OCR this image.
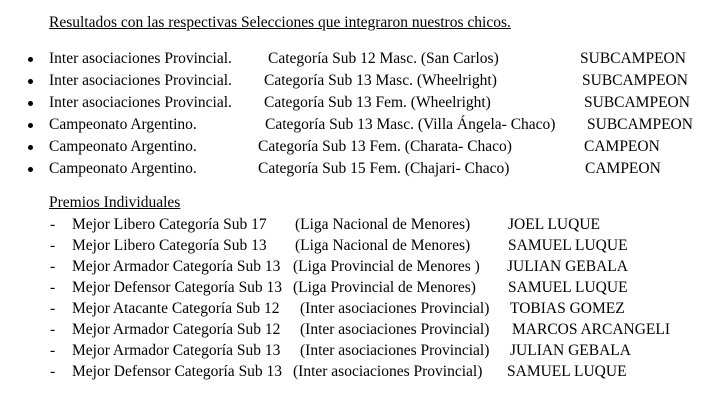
Resultados con las respectivas Selecciones que integraron nuestros chicos.
Inter asociaciones Provincial. Categoría Sub 12 Masc. (San Carlos)	SUBCAMPEON
Inter asociaciones Provincial. Categoría Sub 13 Masc. (Wheelright)	SUBCAMPEON
Inter asociaciones Provincial. Categoría Sub 13 Fem. (Wheelright)	SUBCAMPEON
Campeonato Argentino.	Categoría Sub 13 Masc. (Villa Ángela- Chaco) SUBCAMPEON
Campeonato Argentino.	Categoría Sub 13 Fem. (Charata- Chaco)	CAMPEON
Campeonato Argentino.	Categoría Sub 15 Fem. (Chajari- Chaco)	CAMPEON
Premios Individuales
- Mejor Libero Categoría Sub 17 (Liga Nacional de Menores) JOEL LUQUE
- Mejor Libero Categoría Sub 13 (Liga Nacional de Menores) SAMUEL LUQUE
- Mejor Armador Categoría Sub 13 (Liga Provincial de Menores ) JULIAN GEBALA
- Mejor Defensor Categoría Sub 13 (Liga Provincial de Menores) SAMUEL LUQUE
- Mejor Atacante Categoría Sub 12 (Inter asociaciones Provincial) TOBIAS GOMEZ
- Mejor Armador Categoría Sub 12 (Inter asociaciones Provincial) MARCOS ARCANGELI
- Mejor Armador Categoría Sub 13 (Inter asociaciones Provincial) JULIAN GEBALA
- Mejor Defensor Categoría Sub 13 (Inter asociaciones Provincial) SAMUEL LUQUE
